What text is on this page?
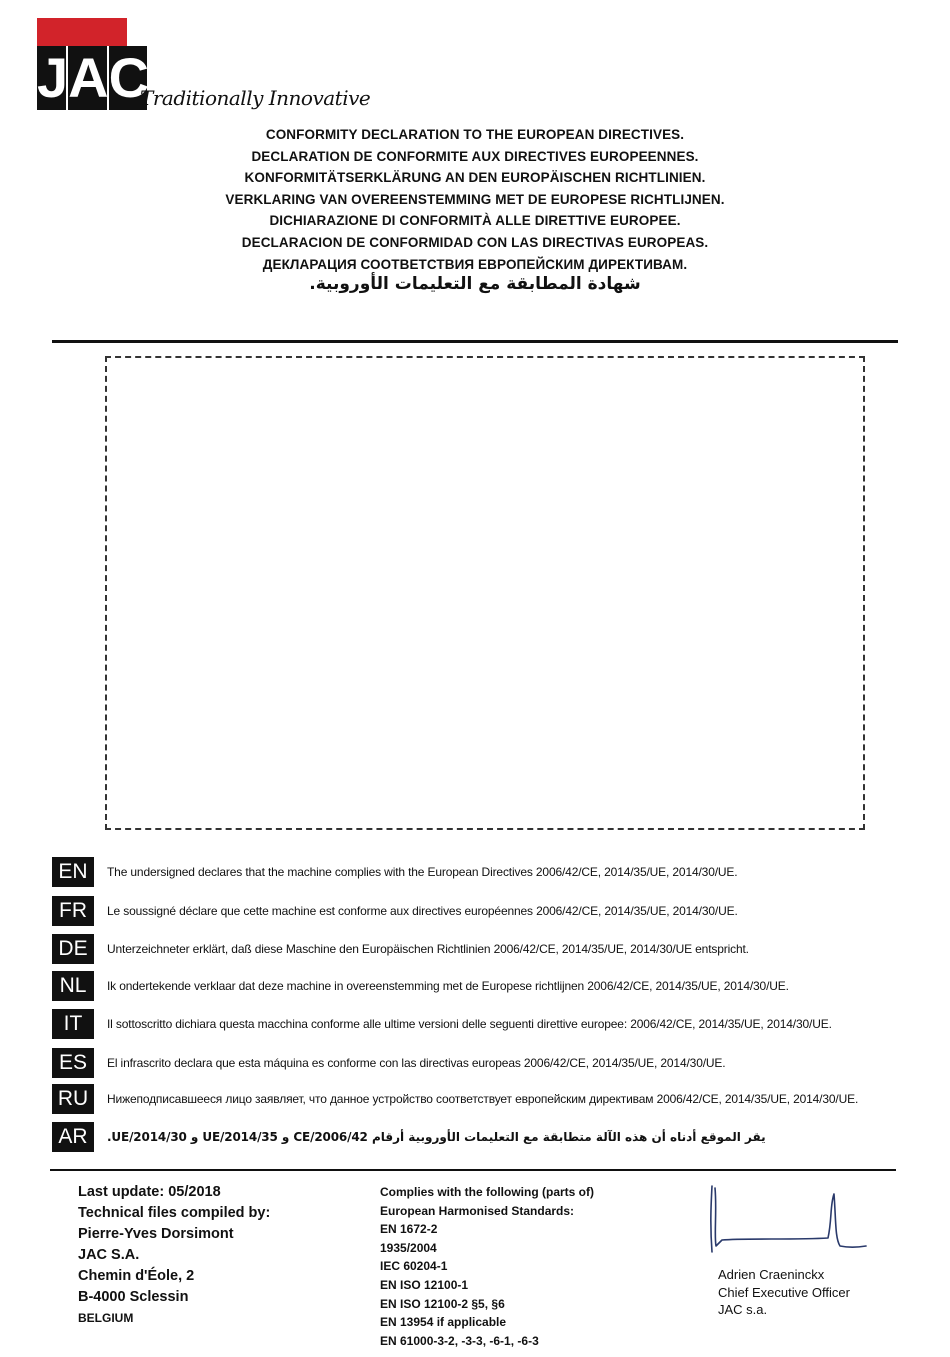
J A C
Traditionally Innovative
CONFORMITY DECLARATION TO THE EUROPEAN DIRECTIVES.
DECLARATION DE CONFORMITE AUX DIRECTIVES EUROPEENNES.
KONFORMITÄTSERKLÄRUNG AN DEN EUROPÄISCHEN RICHTLINIEN.
VERKLARING VAN OVEREENSTEMMING MET DE EUROPESE RICHTLIJNEN.
DICHIARAZIONE DI CONFORMITÀ ALLE DIRETTIVE EUROPEE.
DECLARACION DE CONFORMIDAD CON LAS DIRECTIVAS EUROPEAS.
ДЕКЛАРАЦИЯ СООТВЕТСТВИЯ ЕВРОПЕЙСКИМ ДИРЕКТИВАМ.
شهادة المطابقة مع التعليمات الأوروبية.
EN	The undersigned declares that the machine complies with the European Directives 2006/42/CE, 2014/35/UE, 2014/30/UE.
FR	Le soussigné déclare que cette machine est conforme aux directives européennes 2006/42/CE, 2014/35/UE, 2014/30/UE.
DE	Unterzeichneter erklärt, daß diese Maschine den Europäischen Richtlinien 2006/42/CE, 2014/35/UE, 2014/30/UE entspricht.
NL	Ik ondertekende verklaar dat deze machine in overeenstemming met de Europese richtlijnen 2006/42/CE, 2014/35/UE, 2014/30/UE.
IT	Il sottoscritto dichiara questa macchina conforme alle ultime versioni delle seguenti direttive europee: 2006/42/CE, 2014/35/UE, 2014/30/UE.
ES	El infrascrito declara que esta máquina es conforme con las directivas europeas 2006/42/CE, 2014/35/UE, 2014/30/UE.
RU	Нижеподписавшееся лицо заявляет, что данное устройство соответствует европейским директивам 2006/42/CE, 2014/35/UE, 2014/30/UE.
AR	يقر الموقع أدناه أن هذه الآلة متطابقة مع التعليمات الأوروبية أرقام CE/2006/42 و UE/2014/35 و UE/2014/30.
Last update: 05/2018
Technical files compiled by:
Pierre-Yves Dorsimont
JAC S.A.
Chemin d'Éole, 2
B-4000 Sclessin
BELGIUM
Complies with the following (parts of)
European Harmonised Standards:
EN 1672-2
1935/2004
IEC 60204-1
EN ISO 12100-1
EN ISO 12100-2 §5, §6
EN 13954 if applicable
EN 61000-3-2, -3-3, -6-1, -6-3
Adrien Craeninckx
Chief Executive Officer
JAC s.a.
